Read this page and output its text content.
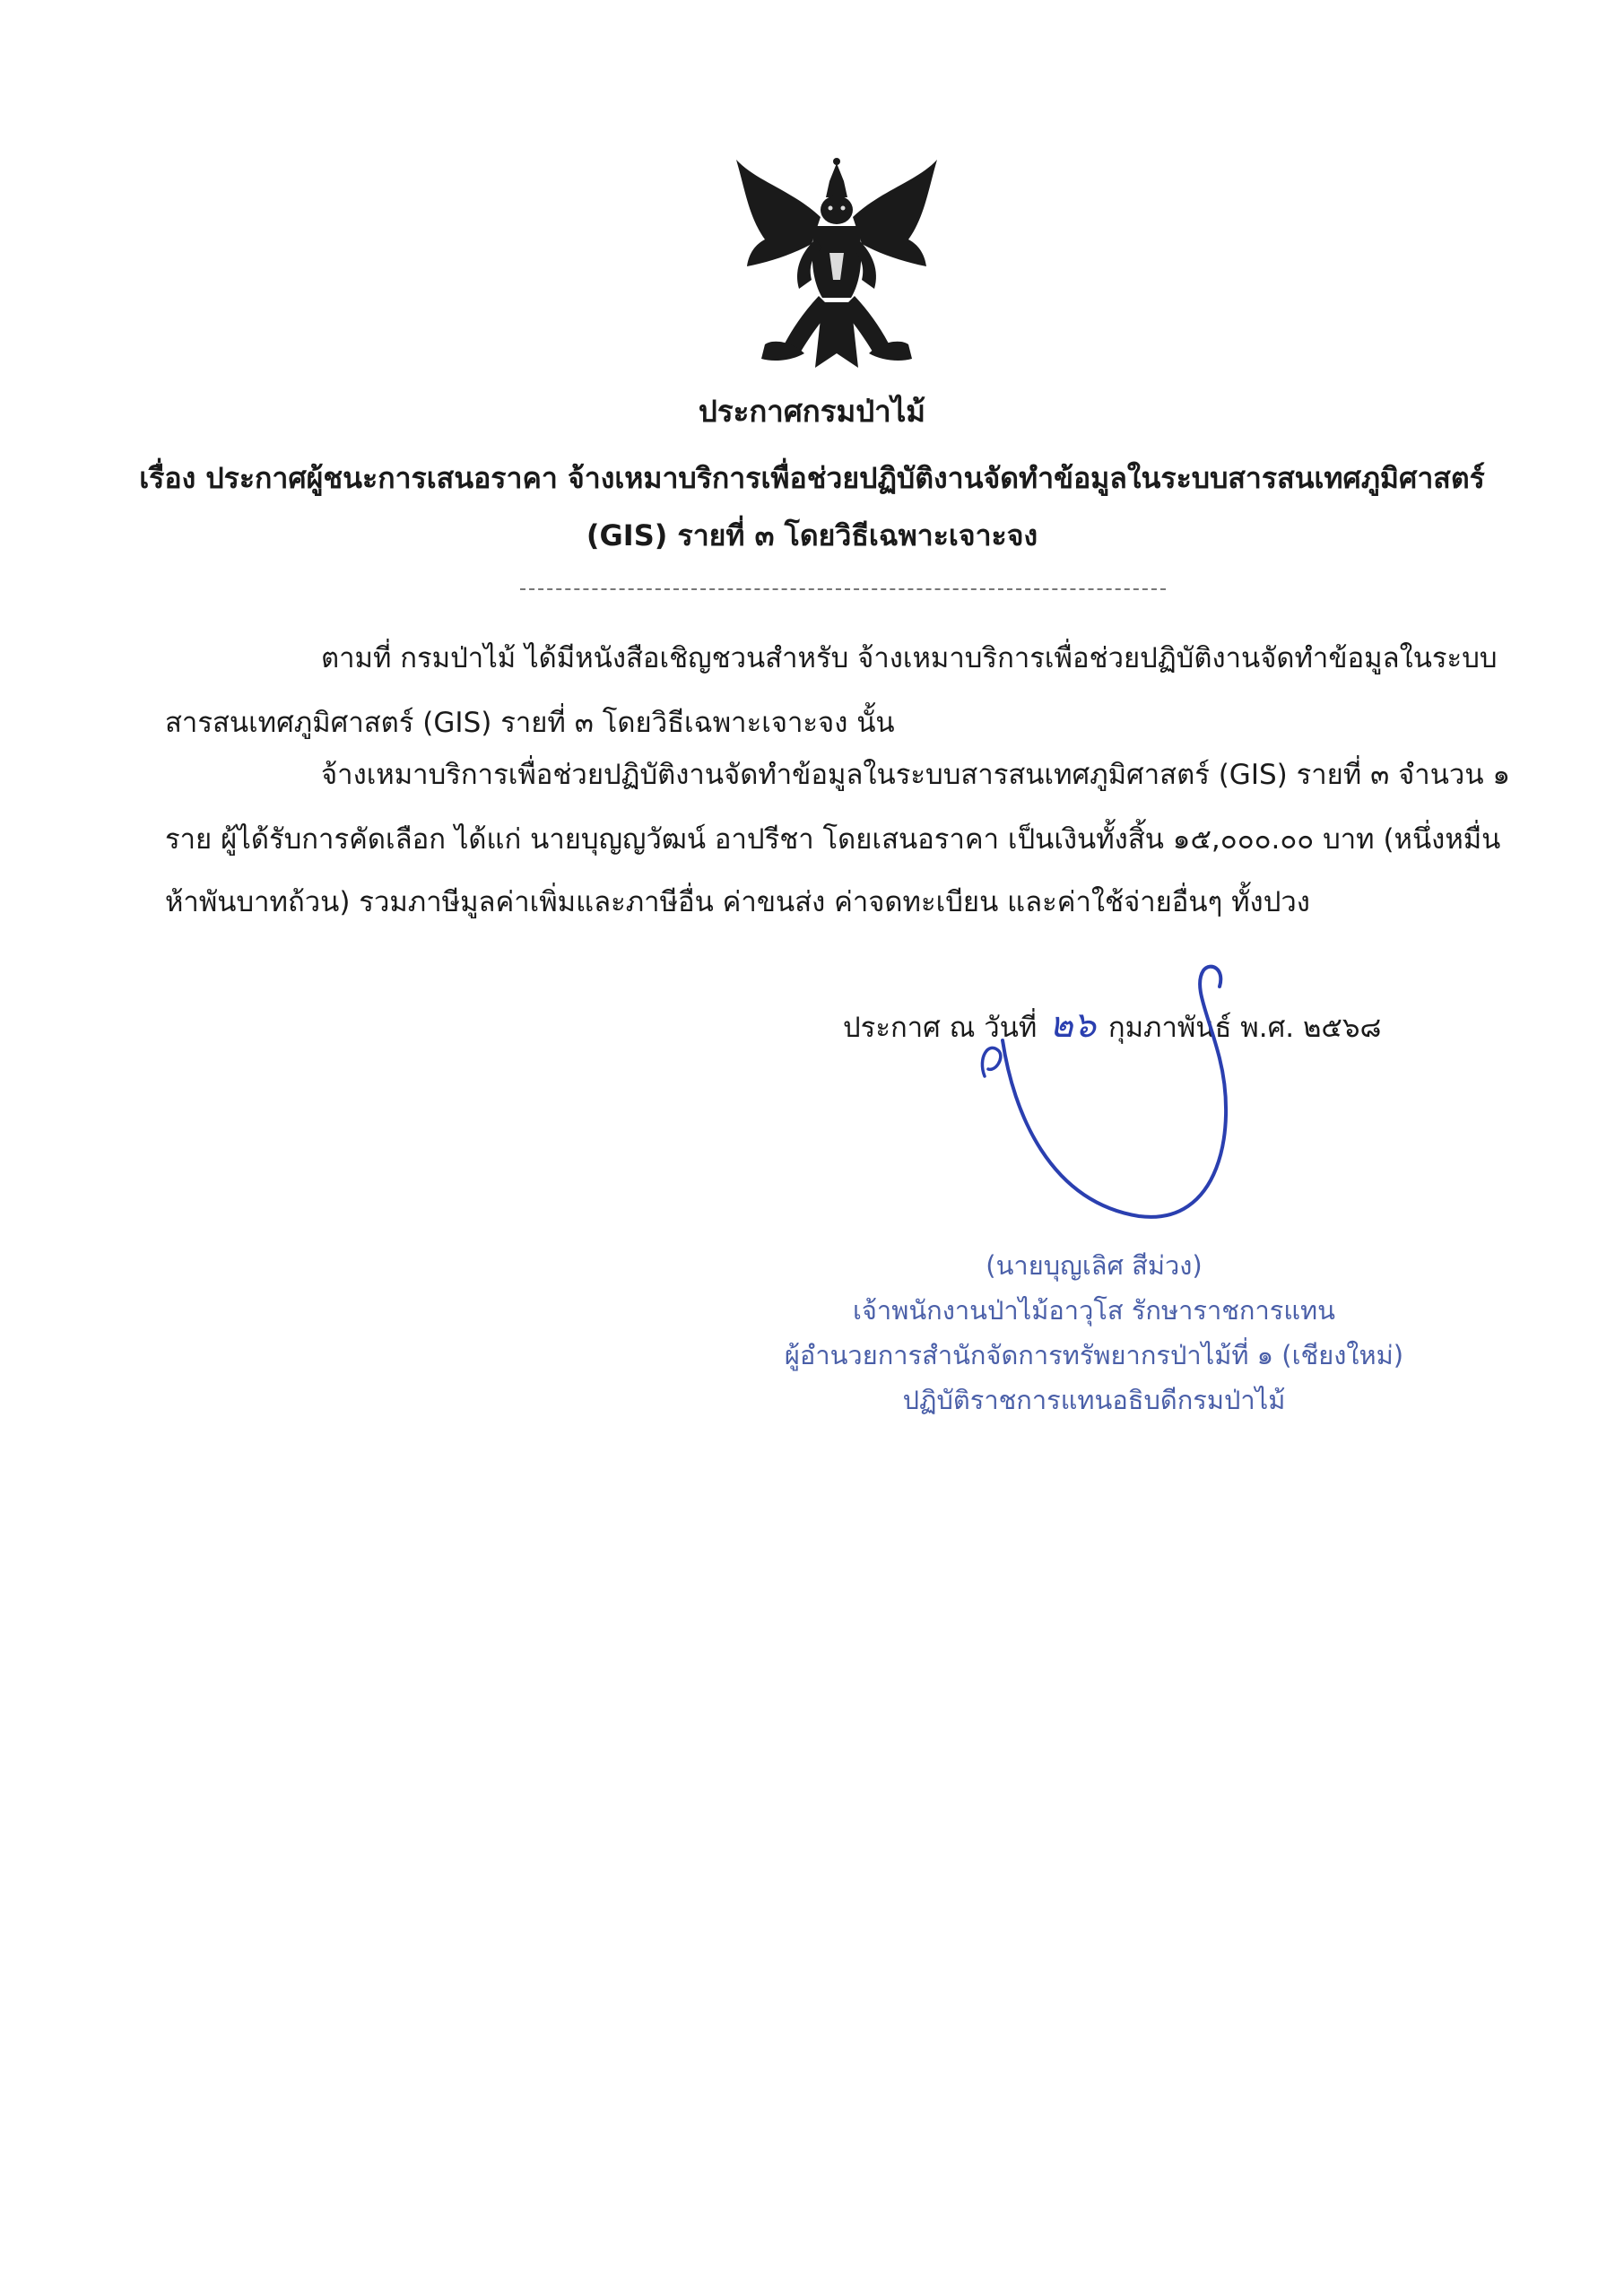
ประกาศกรมป่าไม้
เรื่อง ประกาศผู้ชนะการเสนอราคา จ้างเหมาบริการเพื่อช่วยปฏิบัติงานจัดทำข้อมูลในระบบสารสนเทศภูมิศาสตร์
(GIS) รายที่ ๓ โดยวิธีเฉพาะเจาะจง
ตามที่ กรมป่าไม้ ได้มีหนังสือเชิญชวนสำหรับ จ้างเหมาบริการเพื่อช่วยปฏิบัติงานจัดทำข้อมูลในระบบ
สารสนเทศภูมิศาสตร์ (GIS) รายที่ ๓ โดยวิธีเฉพาะเจาะจง นั้น
จ้างเหมาบริการเพื่อช่วยปฏิบัติงานจัดทำข้อมูลในระบบสารสนเทศภูมิศาสตร์ (GIS) รายที่ ๓ จำนวน ๑
ราย ผู้ได้รับการคัดเลือก ได้แก่ นายบุญญวัฒน์ อาปรีชา โดยเสนอราคา เป็นเงินทั้งสิ้น ๑๕,๐๐๐.๐๐ บาท (หนึ่งหมื่น
ห้าพันบาทถ้วน) รวมภาษีมูลค่าเพิ่มและภาษีอื่น ค่าขนส่ง ค่าจดทะเบียน และค่าใช้จ่ายอื่นๆ ทั้งปวง
ประกาศ ณ วันที่ ๒๖ กุมภาพันธ์ พ.ศ. ๒๕๖๘
(นายบุญเลิศ สีม่วง)
เจ้าพนักงานป่าไม้อาวุโส รักษาราชการแทน
ผู้อำนวยการสำนักจัดการทรัพยากรป่าไม้ที่ ๑ (เชียงใหม่)
ปฏิบัติราชการแทนอธิบดีกรมป่าไม้
